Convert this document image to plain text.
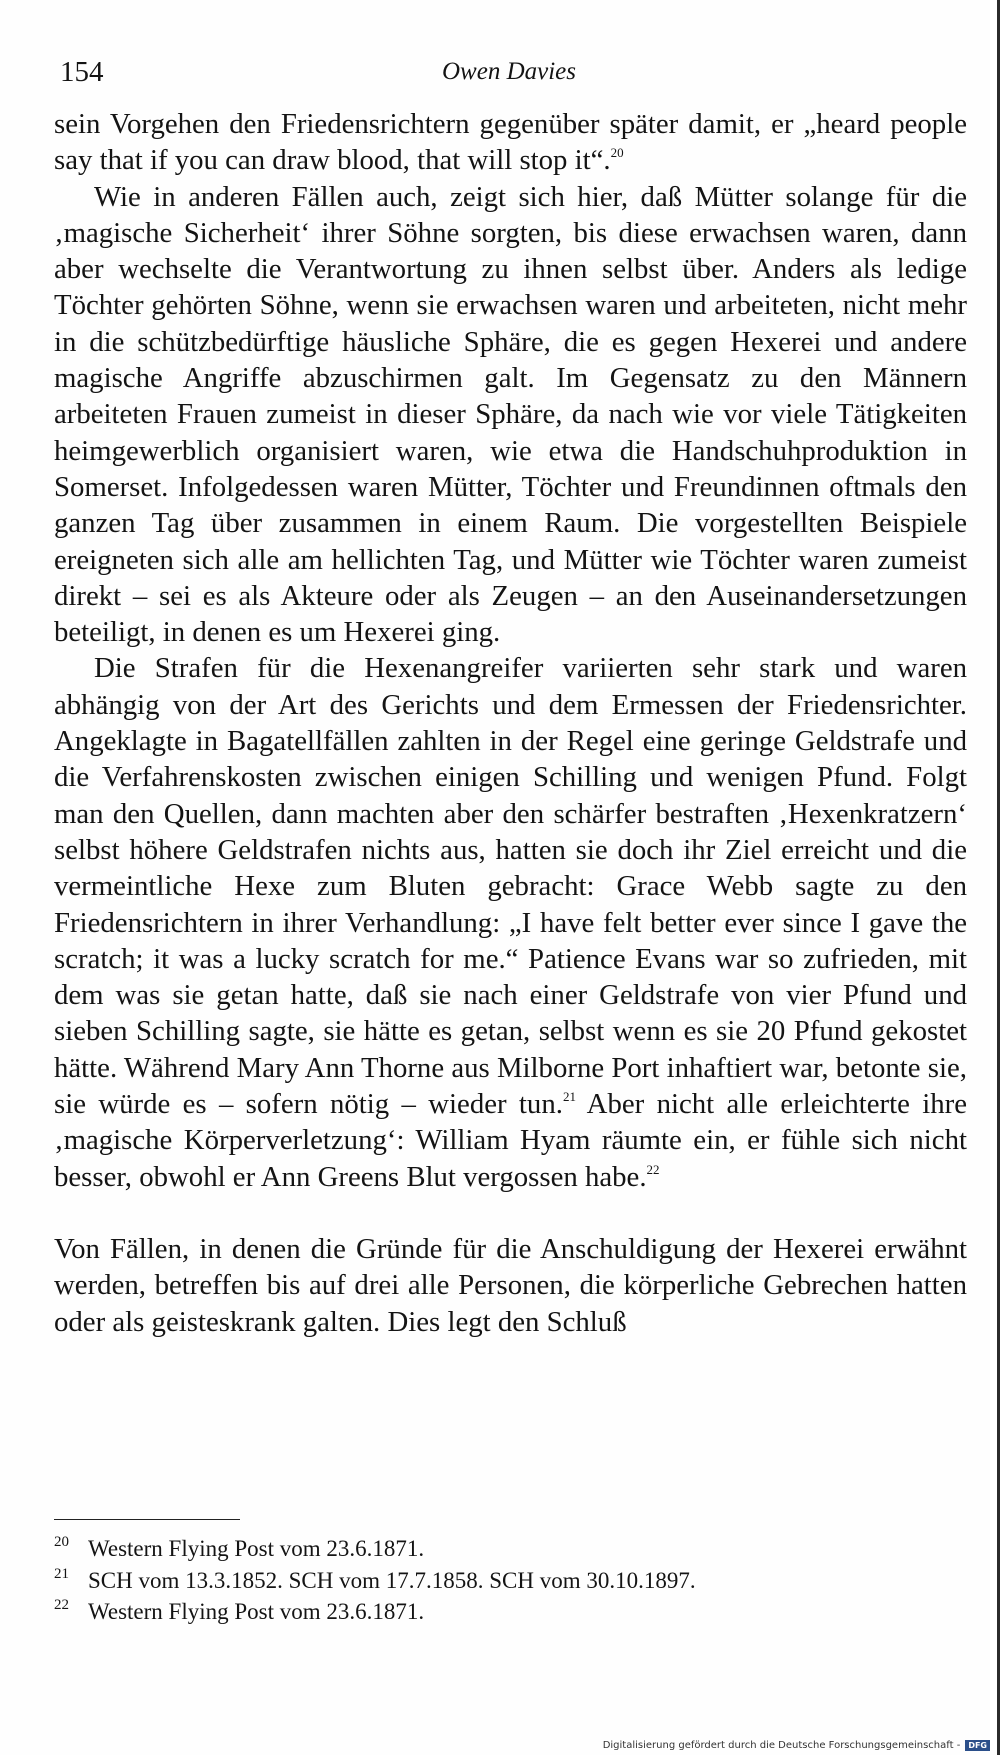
154	Owen Davies

sein Vorgehen den Friedensrichtern gegenüber später damit, er „heard people say that if you can draw blood, that will stop it“.$^{20}$

Wie in anderen Fällen auch, zeigt sich hier, daß Mütter solange für die ‚magische Sicherheit‘ ihrer Söhne sorgten, bis diese erwachsen waren, dann aber wechselte die Verantwortung zu ihnen selbst über. Anders als ledige Töchter gehörten Söhne, wenn sie erwachsen waren und arbeiteten, nicht mehr in die schützbedürftige häusliche Sphäre, die es gegen Hexerei und andere magische Angriffe abzuschirmen galt. Im Gegensatz zu den Männern arbeiteten Frauen zumeist in dieser Sphäre, da nach wie vor viele Tätigkeiten heimgewerblich organisiert waren, wie etwa die Handschuhproduktion in Somerset. Infolgedessen waren Mütter, Töchter und Freundinnen oftmals den ganzen Tag über zusammen in einem Raum. Die vorgestellten Beispiele ereigneten sich alle am hellichten Tag, und Mütter wie Töchter waren zumeist direkt – sei es als Akteure oder als Zeugen – an den Auseinandersetzungen beteiligt, in denen es um Hexerei ging.

Die Strafen für die Hexenangreifer variierten sehr stark und waren abhängig von der Art des Gerichts und dem Ermessen der Friedensrichter. Angeklagte in Bagatellfällen zahlten in der Regel eine geringe Geldstrafe und die Verfahrenskosten zwischen einigen Schilling und wenigen Pfund. Folgt man den Quellen, dann machten aber den schärfer bestraften ‚Hexenkratzern‘ selbst höhere Geldstrafen nichts aus, hatten sie doch ihr Ziel erreicht und die vermeintliche Hexe zum Bluten gebracht: Grace Webb sagte zu den Friedensrichtern in ihrer Verhandlung: „I have felt better ever since I gave the scratch; it was a lucky scratch for me.“ Patience Evans war so zufrieden, mit dem was sie getan hatte, daß sie nach einer Geldstrafe von vier Pfund und sieben Schilling sagte, sie hätte es getan, selbst wenn es sie 20 Pfund gekostet hätte. Während Mary Ann Thorne aus Milborne Port inhaftiert war, betonte sie, sie würde es – sofern nötig – wieder tun.$^{21}$ Aber nicht alle erleichterte ihre ‚magische Körperverletzung‘: William Hyam räumte ein, er fühle sich nicht besser, obwohl er Ann Greens Blut vergossen habe.$^{22}$

Von Fällen, in denen die Gründe für die Anschuldigung der Hexerei erwähnt werden, betreffen bis auf drei alle Personen, die körperliche Gebrechen hatten oder als geisteskrank galten. Dies legt den Schluß

20 Western Flying Post vom 23.6.1871.
21 SCH vom 13.3.1852. SCH vom 17.7.1858. SCH vom 30.10.1897.
22 Western Flying Post vom 23.6.1871.
Digitalisierung gefördert durch die Deutsche Forschungsgemeinschaft -	DFG
